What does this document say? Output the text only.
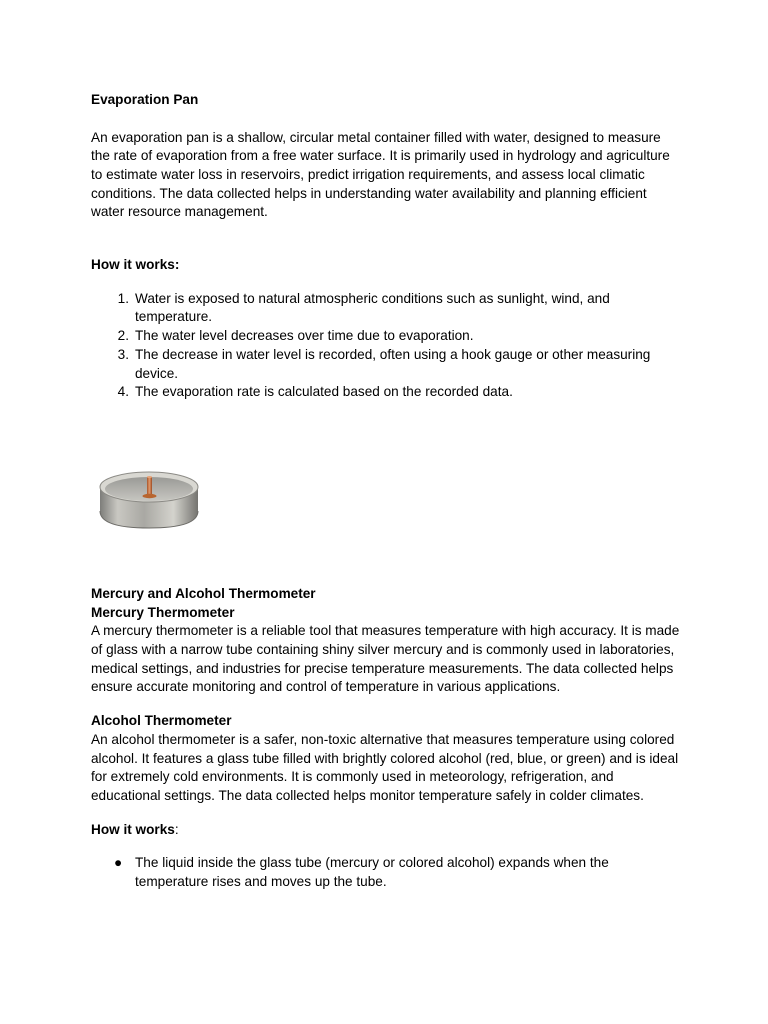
Evaporation Pan

An evaporation pan is a shallow, circular metal container filled with water, designed to measure the rate of evaporation from a free water surface. It is primarily used in hydrology and agriculture to estimate water loss in reservoirs, predict irrigation requirements, and assess local climatic conditions. The data collected helps in understanding water availability and planning efficient water resource management.

How it works:

1. Water is exposed to natural atmospheric conditions such as sunlight, wind, and temperature.
2. The water level decreases over time due to evaporation.
3. The decrease in water level is recorded, often using a hook gauge or other measuring device.
4. The evaporation rate is calculated based on the recorded data.

Mercury and Alcohol Thermometer

Mercury Thermometer

A mercury thermometer is a reliable tool that measures temperature with high accuracy. It is made of glass with a narrow tube containing shiny silver mercury and is commonly used in laboratories, medical settings, and industries for precise temperature measurements. The data collected helps ensure accurate monitoring and control of temperature in various applications.

Alcohol Thermometer

An alcohol thermometer is a safer, non-toxic alternative that measures temperature using colored alcohol. It features a glass tube filled with brightly colored alcohol (red, blue, or green) and is ideal for extremely cold environments. It is commonly used in meteorology, refrigeration, and educational settings. The data collected helps monitor temperature safely in colder climates.

How it works:

● The liquid inside the glass tube (mercury or colored alcohol) expands when the temperature rises and moves up the tube.
